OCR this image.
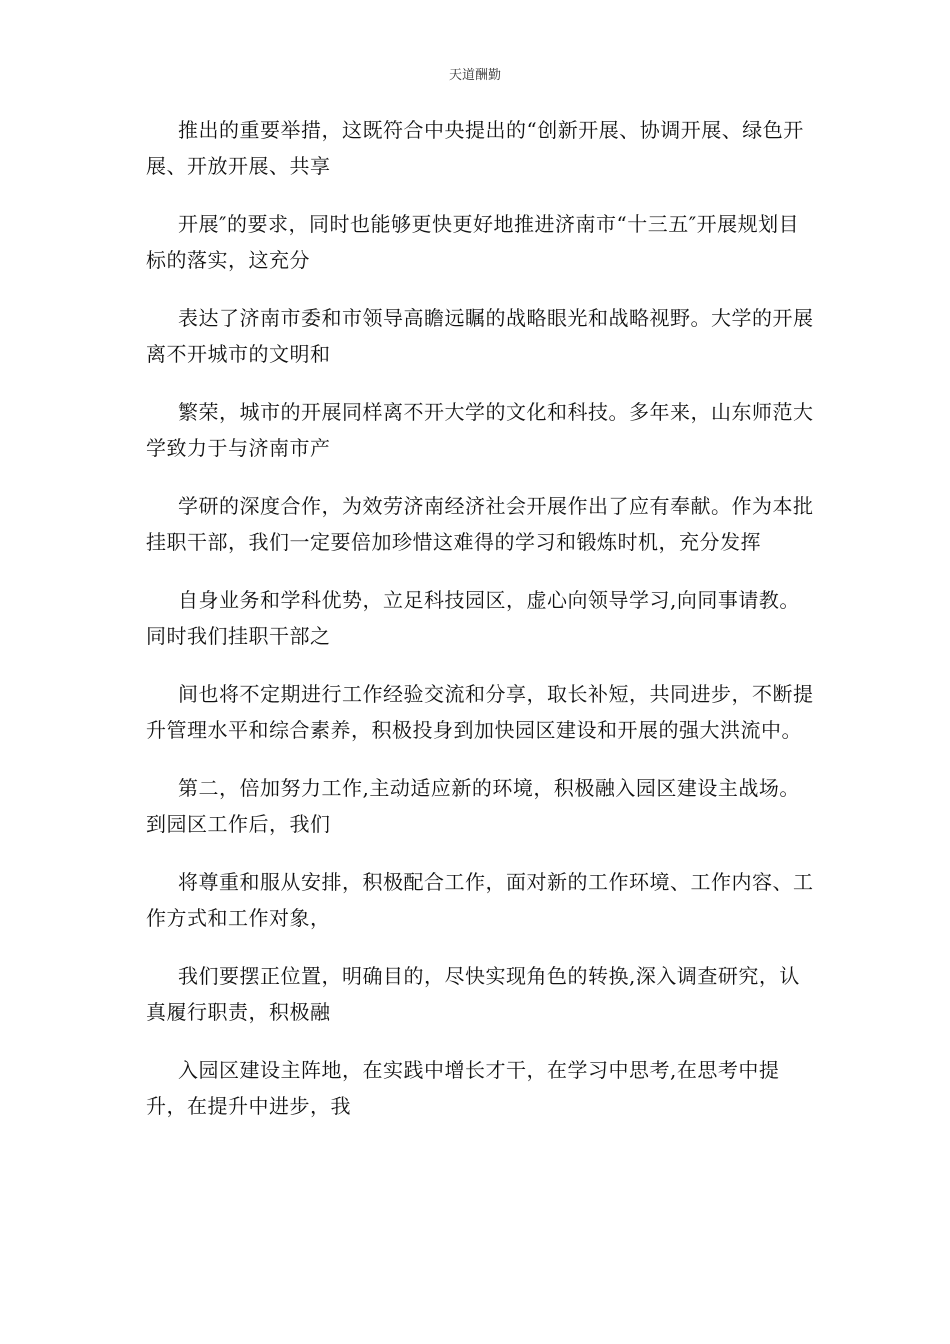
天道酬勤

推出的重要举措，这既符合中央提出的“创新开展、协调开展、绿色开展、开放开展、共享

开展″的要求，同时也能够更快更好地推进济南市“十三五″开展规划目标的落实，这充分

表达了济南市委和市领导高瞻远瞩的战略眼光和战略视野。大学的开展离不开城市的文明和

繁荣，城市的开展同样离不开大学的文化和科技。多年来，山东师范大学致力于与济南市产

学研的深度合作，为效劳济南经济社会开展作出了应有奉献。作为本批挂职干部，我们一定要倍加珍惜这难得的学习和锻炼时机，充分发挥

自身业务和学科优势，立足科技园区，虚心向领导学习,向同事请教。同时我们挂职干部之

间也将不定期进行工作经验交流和分享，取长补短，共同进步，不断提升管理水平和综合素养，积极投身到加快园区建设和开展的强大洪流中。

第二，倍加努力工作,主动适应新的环境，积极融入园区建设主战场。到园区工作后，我们

将尊重和服从安排，积极配合工作，面对新的工作环境、工作内容、工作方式和工作对象，

我们要摆正位置，明确目的，尽快实现角色的转换,深入调查研究，认真履行职责，积极融

入园区建设主阵地，在实践中增长才干，在学习中思考,在思考中提升，在提升中进步，我
